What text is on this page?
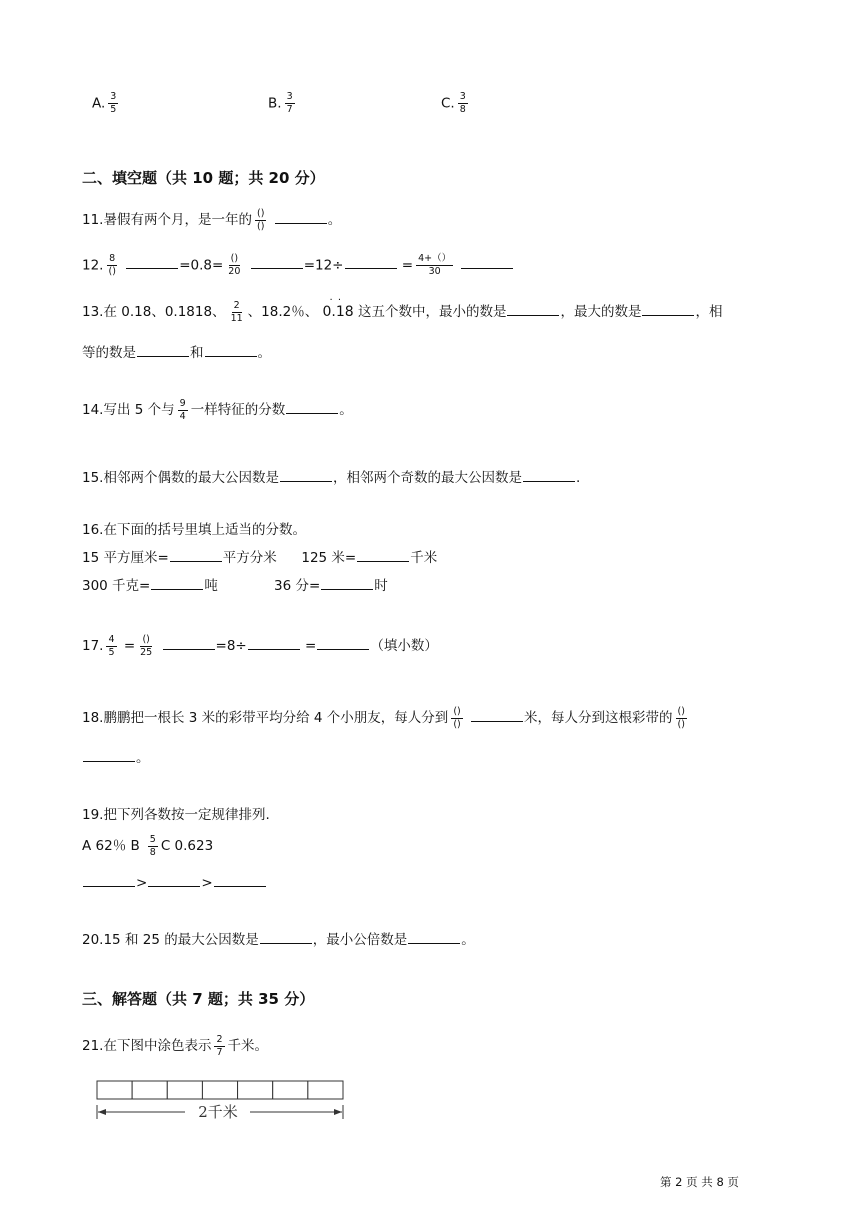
A. $\frac{3}{5}$	B. $\frac{3}{7}$	C. $\frac{3}{8}$
二、填空题（共 10 题；共 20 分）
11.暑假有两个月，是一年的 $\frac{()}{()}$	。
12. $\frac{8}{()}$	$=0.8= \frac{()}{20}$	=12÷	= $\frac{4+()}{30}$

13.在 0.18、0.1818、 $\frac{2}{11}$ 、18.2％、 · · 0.18 这五个数中，最小的数是	，最大的数是	，相
等的数是	和	。
14.写出 5 个与 $\frac{9}{4}$ 一样特征的分数	。
15.相邻两个偶数的最大公因数是	，相邻两个奇数的最大公因数是	.
16.在下面的括号里填上适当的分数。
15 平方厘米=	平方分米 125 米=	千米
300 千克=	吨	36 分=	时
17. $\frac{4}{5} = \frac{()}{25}$	=8÷	=	（填小数）
18.鹏鹏把一根长 3 米的彩带平均分给 4 个小朋友，每人分到 $\frac{()}{()}$	米，每人分到这根彩带的 $\frac{()}{()}$
。
19.把下列各数按一定规律排列.
A 62％ B $\frac{5}{8}$ C 0.623
>	>
20.15 和 25 的最大公因数是	，最小公倍数是	。
三、解答题（共 7 题；共 35 分）
21.在下图中涂色表示 $\frac{2}{7}$ 千米。
2千米
第 2 页 共 8 页
